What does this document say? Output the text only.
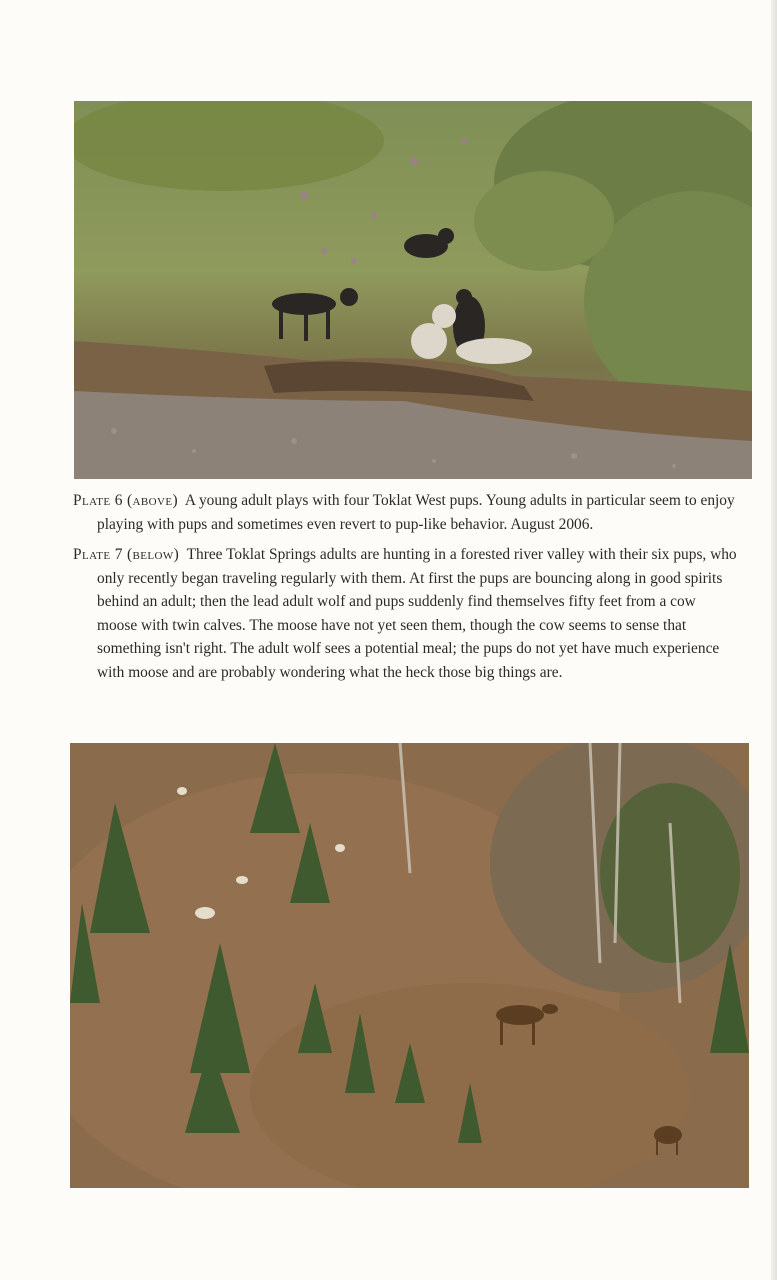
Plate 6 (above) A young adult plays with four Toklat West pups. Young adults in particular seem to enjoy playing with pups and sometimes even revert to pup-like behavior. August 2006.

Plate 7 (below) Three Toklat Springs adults are hunting in a forested river valley with their six pups, who only recently began traveling regularly with them. At first the pups are bouncing along in good spirits behind an adult; then the lead adult wolf and pups suddenly find themselves fifty feet from a cow moose with twin calves. The moose have not yet seen them, though the cow seems to sense that something isn't right. The adult wolf sees a potential meal; the pups do not yet have much experience with moose and are probably wondering what the heck those big things are.
